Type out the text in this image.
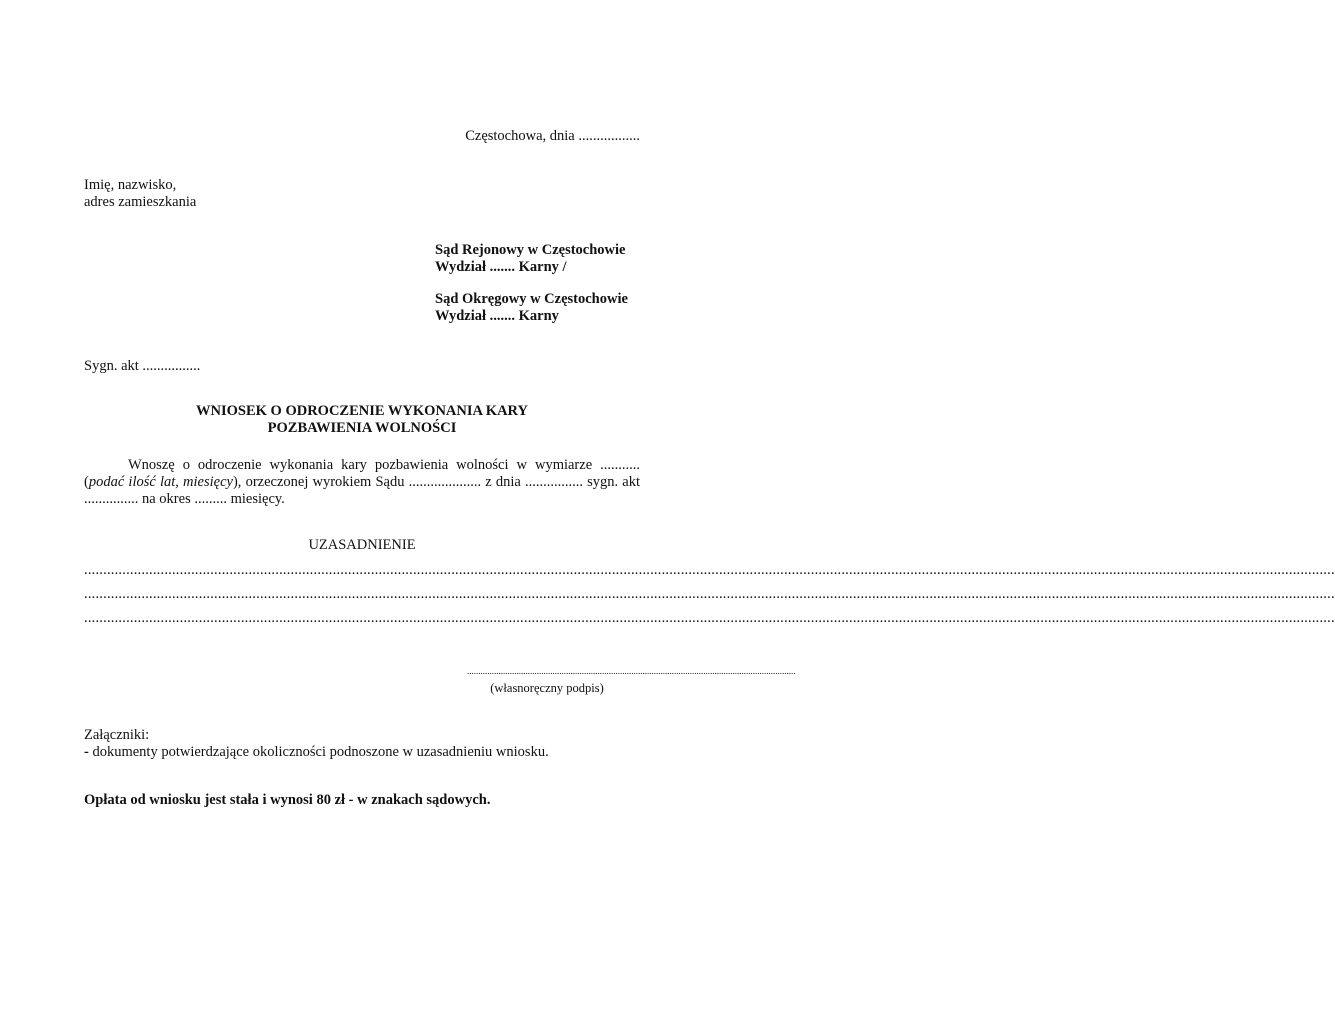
Częstochowa, dnia .................
Imię, nazwisko,
adres zamieszkania
Sąd Rejonowy w Częstochowie
Wydział ....... Karny /
Sąd Okręgowy w Częstochowie
Wydział ....... Karny
Sygn. akt ................
WNIOSEK O ODROCZENIE WYKONANIA KARY
POZBAWIENIA WOLNOŚCI
Wnoszę o odroczenie wykonania kary pozbawienia wolności w wymiarze ........... (podać ilość lat, miesięcy), orzeczonej wyrokiem Sądu .................... z dnia ................ sygn. akt ............... na okres ......... miesięcy.
UZASADNIENIE
.......................................................................................................................................................................................................................................................................................................................................
.......................................................................................................................................................................................................................................................................................................................................
.......................................................................................................................................................................................................................................................................................................................................
..................................................................................................................................................
(własnoręczny podpis)
Załączniki:
- dokumenty potwierdzające okoliczności podnoszone w uzasadnieniu wniosku.
Opłata od wniosku jest stała i wynosi 80 zł - w znakach sądowych.
